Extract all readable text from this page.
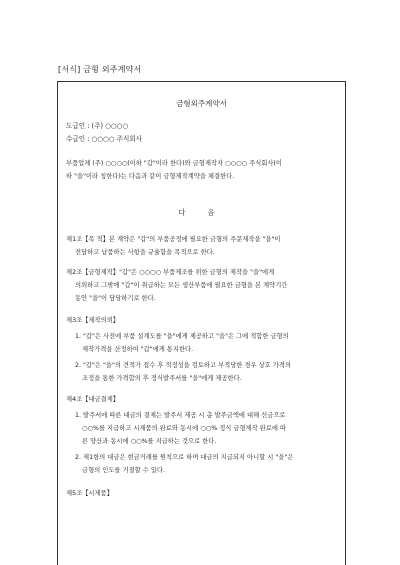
[서식] 금형 외주계약서
금형외주계약서
도급인 : (주) ○○○○
수급인 : ○○○○ 주식회사
부품업체 (주) ○○○○(이하 "갑"이라 한다)와 금형제작자 ○○○○ 주식회사(이
하 "을"이라 칭한다)는 다음과 같이 금형제작계약을 체결한다.
다 음
제1조【목 적】본 계약은 "갑"의 부품공정에 필요한 금형의 주문제작을 "을"이
전담하고 납품하는 사항을 규율함을 목적으로 한다.
제2조【금형제작】"갑"은 ○○○○ 부품제조를 위한 금형의 제작을 "을"에게
의뢰하고 그밖에 "갑"이 취급하는 모든 생산부품에 필요한 금형을 본 계약기간
동안 "을"이 담당하기로 한다.
제3조【제작의뢰】
1. "갑"은 사전에 부품 설계도를 "을"에게 제공하고 "을"은 그에 적합한 금형의
제작가격을 산정하여 "갑"에게 통지한다.
2. "갑"은 "을"의 견적가 접수 후 적정성을 검토하고 부적당한 경우 상호 가격의
조정을 통한 가격합의 후 정식발주서를 "을"에게 제공한다.
제4조【대금결제】
1. 발주서에 따른 대금의 결제는 발주서 제공 시 총 발주금액에 대해 선금으로
○○%를 지급하고 시제품의 완료와 동시에 ○○% 정식 금형제작 완료에 따
른 양산과 동시에 ○○%를 지급하는 것으로 한다.
2. 제1항의 대금은 현금거래를 원칙으로 하며 대금의 지급되지 아니할 시 "을"은
금형의 인도를 거절할 수 있다.
제5조【시제품】
